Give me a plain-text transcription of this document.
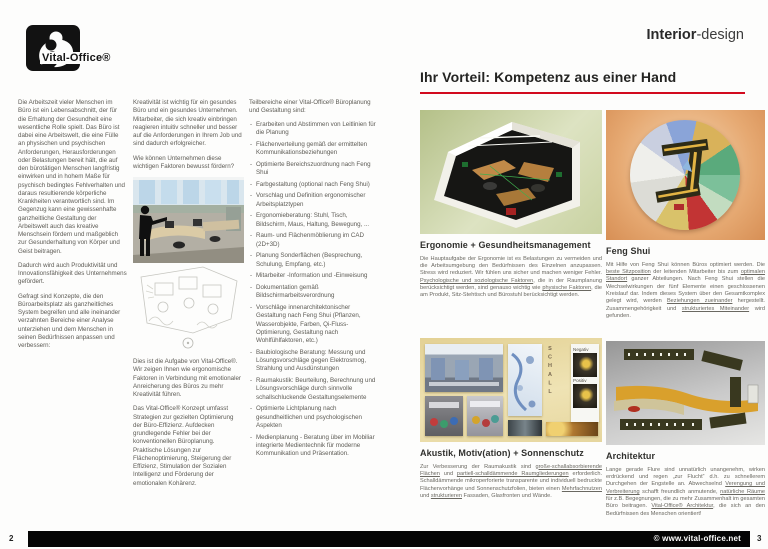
Vital-Office®
Interior-design

Die Arbeitszeit vieler Menschen im Büro ist ein Lebensabschnitt, der für die Erhaltung der Gesundheit eine wesentliche Rolle spielt. Das Büro ist dabei eine Arbeitswelt, die eine Fülle an physischen und psychischen Anforderungen, Herausforderungen oder Belastungen bereit hält, die auf den bürotätigen Menschen langfristig einwirken und in hohem Maße für psychisch bedingtes Fehlverhalten und daraus resultierende körperliche Krankheiten verantwortlich sind. Im Gegenzug kann eine gewissenhafte ganzheitliche Gestaltung der Arbeitswelt auch das kreative Menschsein fördern und maßgeblich zur Gesunderhaltung von Körper und Geist beitragen.

Dadurch wird auch Produktivität und Innovationsfähigkeit des Unternehmens gefördert.

Gefragt sind Konzepte, die den Büroarbeitsplatz als ganzheitliches System begreifen und alle ineinander verzahnten Bereiche einer Analyse unterziehen und dem Menschen in seinen Bedürfnissen anpassen und verbessern:

Kreativität ist wichtig für ein gesundes Büro und ein gesundes Unternehmen. Mitarbeiter, die sich kreativ einbringen reagieren intuitiv schneller und besser auf die Anforderungen in Ihrem Job und sind dadurch erfolgreicher.

Wie können Unternehmen diese wichtigen Faktoren bewusst fördern?

Dies ist die Aufgabe von Vital-Office®. Wir zeigen Ihnen wie ergonomische Faktoren in Verbindung mit emotionaler Anreicherung des Büros zu mehr Kreativität führen.

Das Vital-Office® Konzept umfasst Strategien zur gezielten Optimierung der Büro-Effizienz. Aufdecken grundlegende Fehler bei der konventionellen Büroplanung. Praktische Lösungen zur Flächenoptimierung, Steigerung der Effizienz, Stimulation der Sozialen Intelligenz und Förderung der emotionalen Kohärenz.

Teilbereiche einer Vital-Office® Büroplanung und Gestaltung sind:

- Erarbeiten und Abstimmen von Leitlinien für die Planung
- Flächenverteilung gemäß der ermittelten Kommunikationsbeziehungen
- Optimierte Bereichszuordnung nach Feng Shui
- Farbgestaltung (optional nach Feng Shui)
- Vorschlag und Definition ergonomischer Arbeitsplatztypen
- Ergonomieberatung: Stuhl, Tisch, Bildschirm, Maus, Haltung, Bewegung, ...
- Raum- und Flächenmöblierung im CAD (2D+3D)
- Planung Sonderflächen (Besprechung, Schulung, Empfang, etc.)
- Mitarbeiter -Information und -Einweisung
- Dokumentation gemäß Bildschirmarbeitsverordnung
- Vorschläge innenarchitektonischer Gestaltung nach Feng Shui (Pflanzen, Wasserobjekte, Farben, Qi-Fluss-Optimierung, Gestaltung nach Wohlfühlfaktoren, etc.)
- Baubiologische Beratung: Messung und Lösungsvorschläge gegen Elektrosmog, Strahlung und Ausdünstungen
- Raumakustik: Beurteilung, Berechnung und Lösungsvorschläge durch sinnvolle schallschluckende Gestaltungselemente
- Optimierte Lichtplanung nach gesundheitlichen und psychologischen Aspekten
- Medienplanung - Beratung über im Mobiliar integrierte Medientechnik für moderne Kommunikation und Präsentation.
Ihr Vorteil: Kompetenz aus einer Hand
Ergonomie + Gesundheitsmanagement

Die Hauptaufgabe der Ergonomie ist es Belastungen zu vermeiden und die Arbeitsumgebung den Bedürfnissen des Einzelnen anzupassen. Stress wird reduziert. Wir fühlen uns sicher und machen weniger Fehler. Psychologische und soziologische Faktoren, die in der Raumplanung berücksichtigt werden, sind genauso wichtig wie physische Faktoren, die am Produkt, Sitz-Stehtisch und Bürostuhl berücksichtigt werden.

Feng Shui

Mit Hilfe von Feng Shui können Büros optimiert werden. Die beste Sitzposition der leitenden Mitarbeiter bis zum optimalen Standort ganzer Abteilungen. Nach Feng Shui stellen die Wechselwirkungen der fünf Elemente einen geschlossenen Kreislauf dar. Indem dieses System über den Gesamtkomplex gelegt wird, werden Beziehungen zueinander hergestellt. Zusammengehörigkeit und strukturiertes Miteinander wird gefunden.

SCHALL	Negativ
Positiv
Akustik, Motiv(ation) + Sonnenschutz

Zur Verbesserung der Raumakustik sind große-schallabsorbierende Flächen und partiell-schalldämmende Raumgliederungen erforderlich. Schalldämmende mikroperforierte transparente und individuell bedruckte Flächenvorhänge und Sonnenschutzfolien, bieten einen Mehrfachnutzen und strukturieren Fassaden, Glasfronten und Wände.

Architektur

Lange gerade Flure sind unnatürlich unangenehm, wirken erdrückend und regen „zur Flucht“ d.h. zu schnellerem Durchgehen der Engstelle an. Abwechselnd Verengung und Verbreiterung schafft freundlich anmutende, natürliche Räume für z.B. Begegnungen, die zu mehr Zusammenhalt im gesamten Büro beitragen. Vital-Office® Architektur, die sich an den Bedürfnissen des Menschen orientiert!

2	© www.vital-office.net 3
